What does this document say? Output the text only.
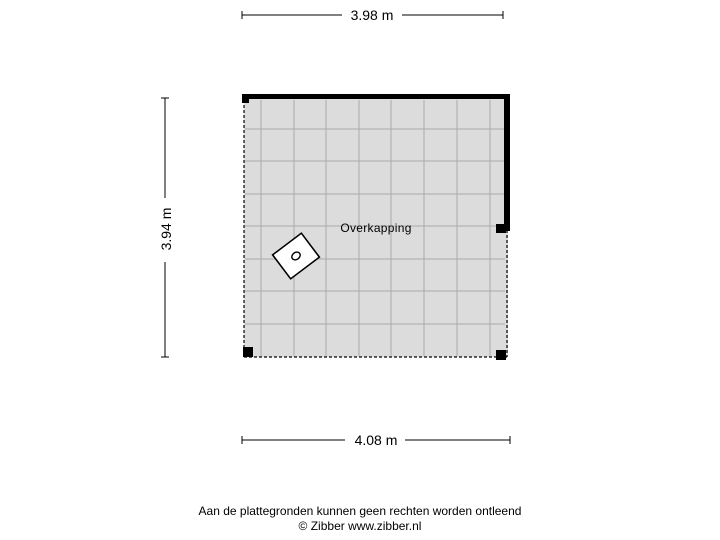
3.98 m
3.94 m	Overkapping
4.08 m
Aan de plattegronden kunnen geen rechten worden ontleend
© Zibber www.zibber.nl
